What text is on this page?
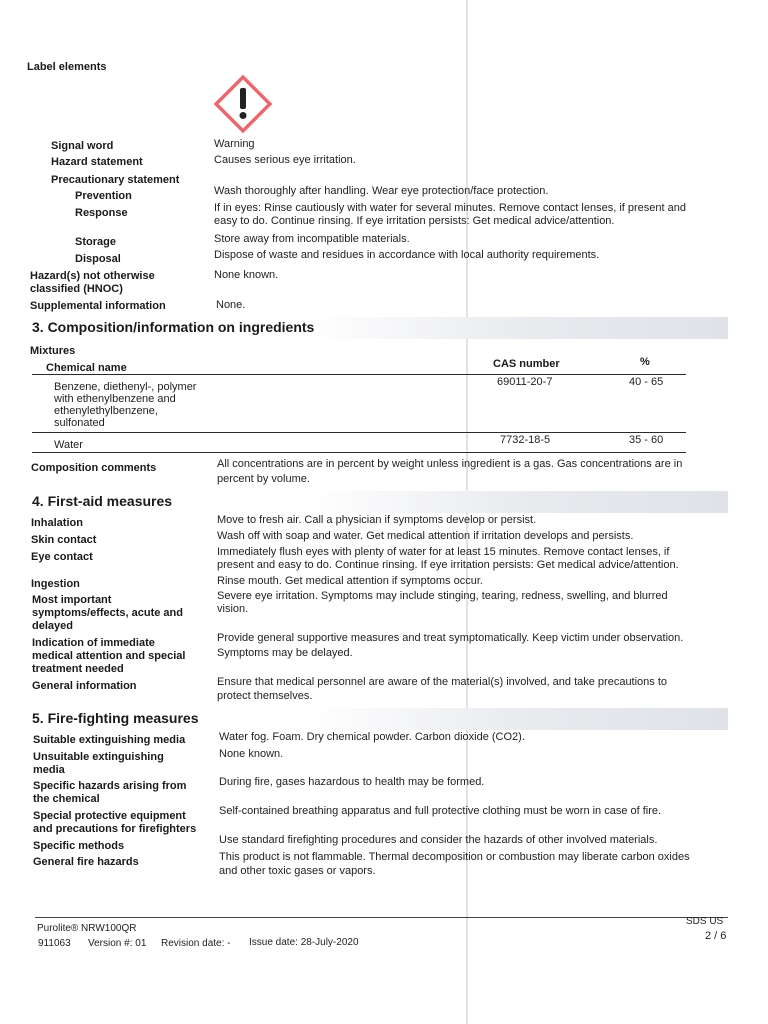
Label elements
Signal word	Warning
Hazard statement	Causes serious eye irritation.
Precautionary statement
Prevention	Wash thoroughly after handling. Wear eye protection/face protection.
Response	If in eyes: Rinse cautiously with water for several minutes. Remove contact lenses, if present and
easy to do. Continue rinsing. If eye irritation persists: Get medical advice/attention.
Storage	Store away from incompatible materials.
Disposal	Dispose of waste and residues in accordance with local authority requirements.
Hazard(s) not otherwise
classified (HNOC)
None known.
Supplemental information	None.
3. Composition/information on ingredients
Mixtures
Chemical name	CAS number	%
Benzene, diethenyl-, polymer
with ethenylbenzene and
ethenylethylbenzene,
sulfonated
69011-20-7	40 - 65
Water	7732-18-5	35 - 60
Composition comments	All concentrations are in percent by weight unless ingredient is a gas. Gas concentrations are in
percent by volume.
4. First-aid measures
Inhalation	Move to fresh air. Call a physician if symptoms develop or persist.
Skin contact	Wash off with soap and water. Get medical attention if irritation develops and persists.
Eye contact	Immediately flush eyes with plenty of water for at least 15 minutes. Remove contact lenses, if
present and easy to do. Continue rinsing. If eye irritation persists: Get medical advice/attention.
Ingestion	Rinse mouth. Get medical attention if symptoms occur.
Most important
symptoms/effects, acute and
delayed
Severe eye irritation. Symptoms may include stinging, tearing, redness, swelling, and blurred
vision.
Indication of immediate
medical attention and special
treatment needed
Provide general supportive measures and treat symptomatically. Keep victim under observation.
Symptoms may be delayed.
General information	Ensure that medical personnel are aware of the material(s) involved, and take precautions to
protect themselves.
5. Fire-fighting measures
Suitable extinguishing media	Water fog. Foam. Dry chemical powder. Carbon dioxide (CO2).
Unsuitable extinguishing
media
None known.
Specific hazards arising from
the chemical
During fire, gases hazardous to health may be formed.
Special protective equipment
and precautions for firefighters
Self-contained breathing apparatus and full protective clothing must be worn in case of fire.
Specific methods	Use standard firefighting procedures and consider the hazards of other involved materials.
General fire hazards	This product is not flammable. Thermal decomposition or combustion may liberate carbon oxides
and other toxic gases or vapors.
Purolite® NRW100QR
911063 Version #: 01 Revision date: - Issue date: 28-July-2020
SDS US
2 / 6
